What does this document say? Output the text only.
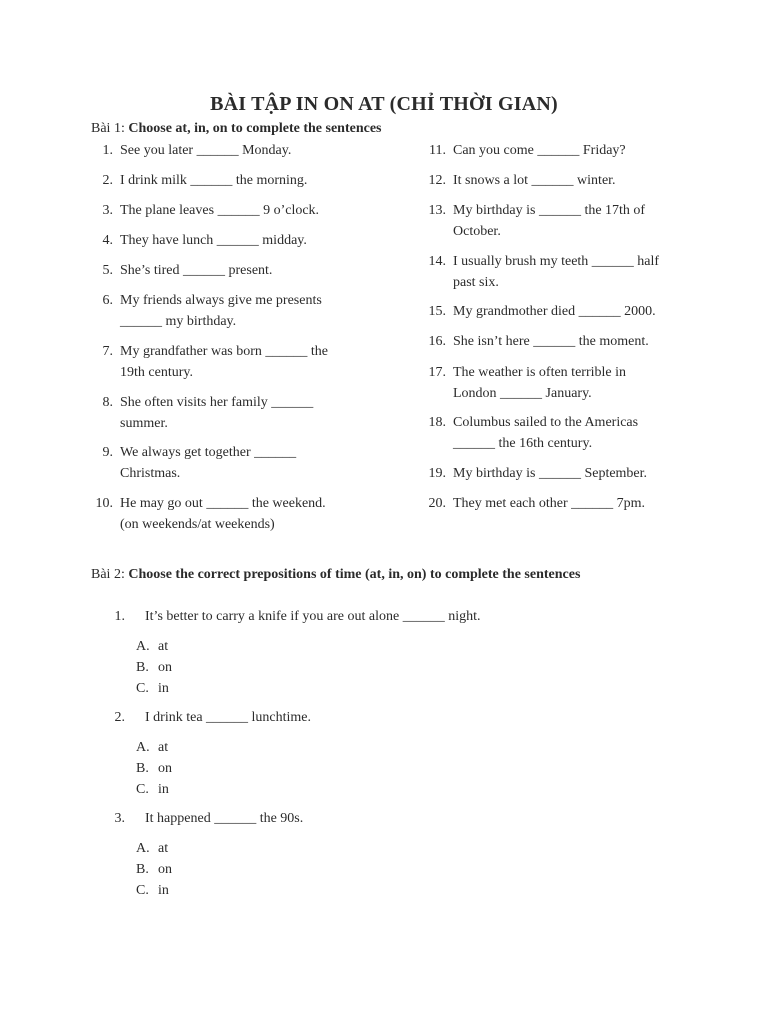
BÀI TẬP IN ON AT (CHỈ THỜI GIAN)
Bài 1: Choose at, in, on to complete the sentences
1. See you later ______ Monday.
2. I drink milk ______ the morning.
3. The plane leaves ______ 9 o’clock.
4. They have lunch ______ midday.
5. She’s tired ______ present.
6. My friends always give me presents ______ my birthday.
7. My grandfather was born ______ the 19th century.
8. She often visits her family ______ summer.
9. We always get together ______ Christmas.
10. He may go out ______ the weekend. (on weekends/at weekends)
11. Can you come ______ Friday?
12. It snows a lot ______ winter.
13. My birthday is ______ the 17th of October.
14. I usually brush my teeth ______ half past six.
15. My grandmother died ______ 2000.
16. She isn’t here ______ the moment.
17. The weather is often terrible in London ______ January.
18. Columbus sailed to the Americas ______ the 16th century.
19. My birthday is ______ September.
20. They met each other ______ 7pm.
Bài 2: Choose the correct prepositions of time (at, in, on) to complete the sentences
1. It’s better to carry a knife if you are out alone ______ night.
A. at
B. on
C. in
2. I drink tea ______ lunchtime.
A. at
B. on
C. in
3. It happened ______ the 90s.
A. at
B. on
C. in
